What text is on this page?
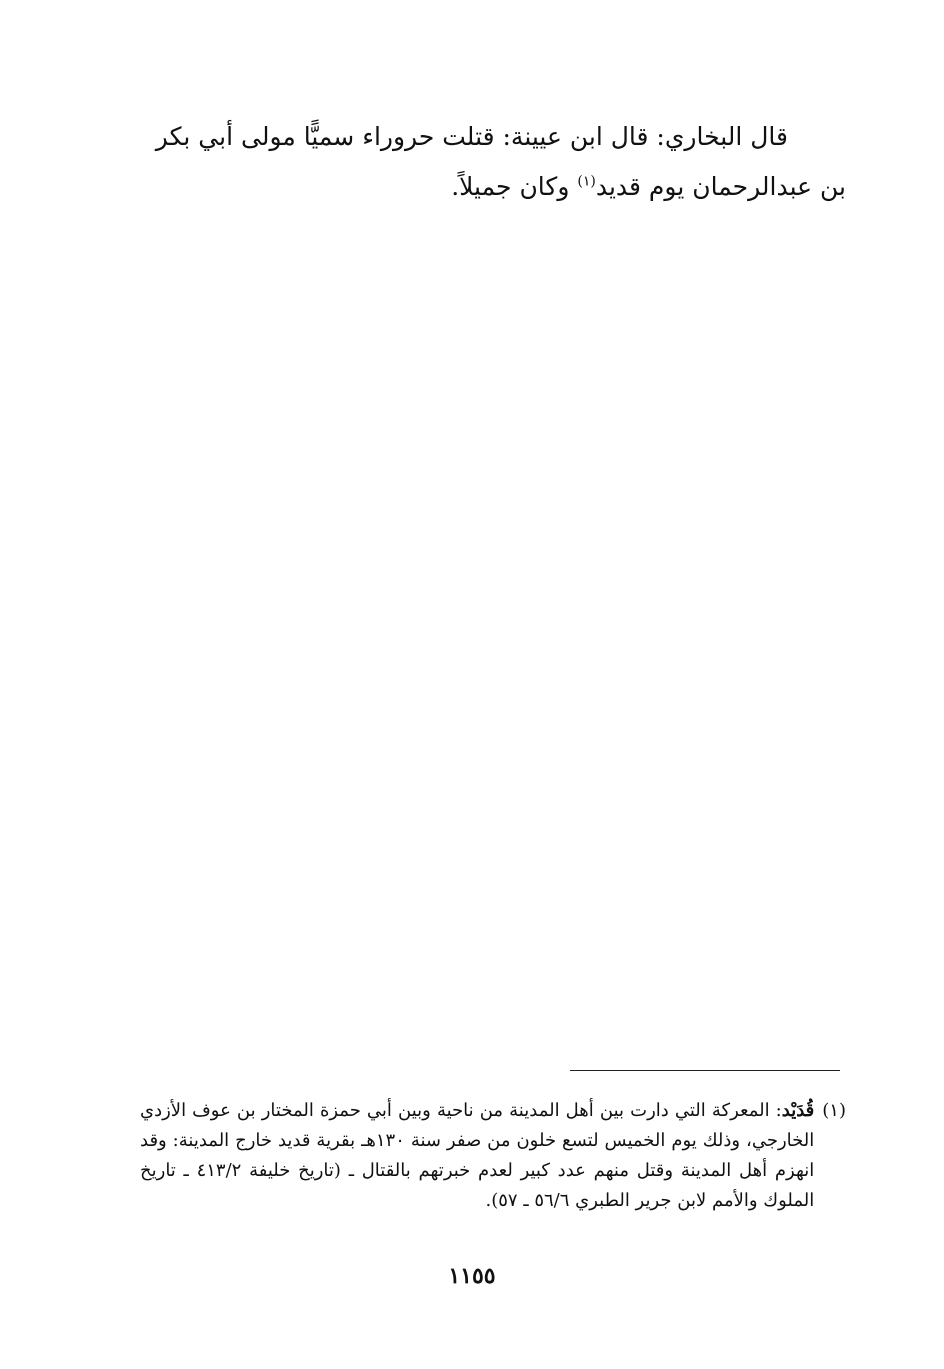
قال البخاري: قال ابن عيينة: قتلت حروراء سميًّا مولى أبي بكر بن عبدالرحمان يوم قديد$^{(١)}$ وكان جميلاً.

(١)
قُدَيْد: المعركة التي دارت بين أهل المدينة من ناحية وبين أبي حمزة المختار بن عوف الأزدي الخارجي، وذلك يوم الخميس لتسع خلون من صفر سنة ١٣٠هـ بقرية قديد خارج المدينة: وقد انهزم أهل المدينة وقتل منهم عدد كبير لعدم خبرتهم بالقتال ـ (تاريخ خليفة ٤١٣/٢ ـ تاريخ الملوك والأمم لابن جرير الطبري ٥٦/٦ ـ ٥٧).
١١٥٥
